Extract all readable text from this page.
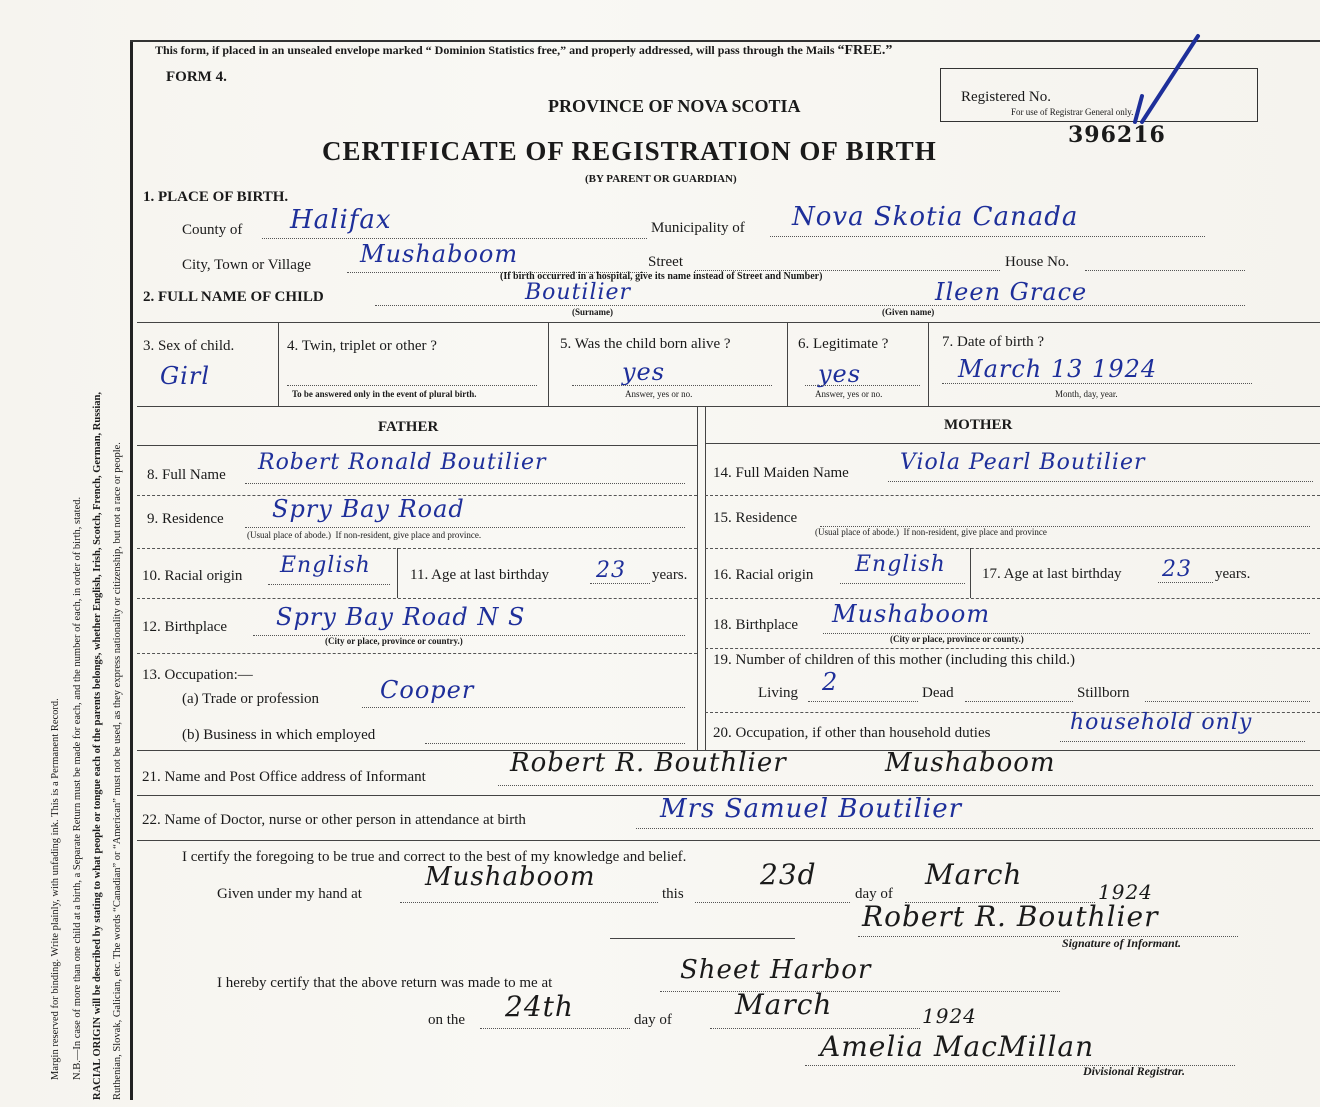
Margin reserved for binding. Write plainly, with unfading ink. This is a Permanent Record. N.B.—In case of more than one child at a birth, a Separate Return must be made for each, and the number of each, in order of birth, stated. RACIAL ORIGIN will be described by stating to what people or tongue each of the parents belongs, whether English, Irish, Scotch, French, German, Russian, Ruthenian, Slovak, Galician, etc. The words “Canadian” or “American” must not be used, as they express nationality or citizenship, but not a race or people.
This form, if placed in an unsealed envelope marked “ Dominion Statistics free,” and properly addressed, will pass through the Mails “FREE.”
FORM 4.
PROVINCE OF NOVA SCOTIA
CERTIFICATE OF REGISTRATION OF BIRTH
(BY PARENT OR GUARDIAN)
Registered No.
For use of Registrar General only.
396216
1. PLACE OF BIRTH.
County of Halifax	Municipality of Nova Skotia Canada
City, Town or Village Mushaboom	Street	House No.
(If birth occurred in a hospital, give its name instead of Street and Number)
2. FULL NAME OF CHILD	Boutilier
(Surname)
Ileen Grace
(Given name)
3. Sex of child.
Girl
4. Twin, triplet or other ?
To be answered only in the event of plural birth.
5. Was the child born alive ?
yes
Answer, yes or no.
6. Legitimate ?
yes
Answer, yes or no.
7. Date of birth ?
March 13 1924
Month, day, year.
FATHER	MOTHER
8. Full Name Robert Ronald Boutilier
9. Residence Spry Bay Road
(Usual place of abode.) If non-resident, give place and province.
10. Racial origin English	11. Age at last birthday 23 years.
12. Birthplace Spry Bay Road N S
(City or place, province or country.)
13. Occupation:—
(a) Trade or profession	Cooper
(b) Business in which employed
14. Full Maiden Name Viola Pearl Boutilier
15. Residence
(Usual place of abode.) If non-resident, give place and province
16. Racial origin English 17. Age at last birthday 23 years.
18. Birthplace Mushaboom
(City or place, province or county.)
19. Number of children of this mother (including this child.)
Living 2	Dead	Stillborn
20. Occupation, if other than household duties	household only
21. Name and Post Office address of Informant	Robert R. Bouthlier	Mushaboom
22. Name of Doctor, nurse or other person in attendance at birth	Mrs Samuel Boutilier
I certify the foregoing to be true and correct to the best of my knowledge and belief.
Given under my hand at
Mushaboom
this
23d
day of
March
1924
Robert R. Bouthlier
Signature of Informant.
I hereby certify that the above return was made to me at	Sheet Harbor
on the 24th	day of March	1924
Amelia MacMillan
Divisional Registrar.
